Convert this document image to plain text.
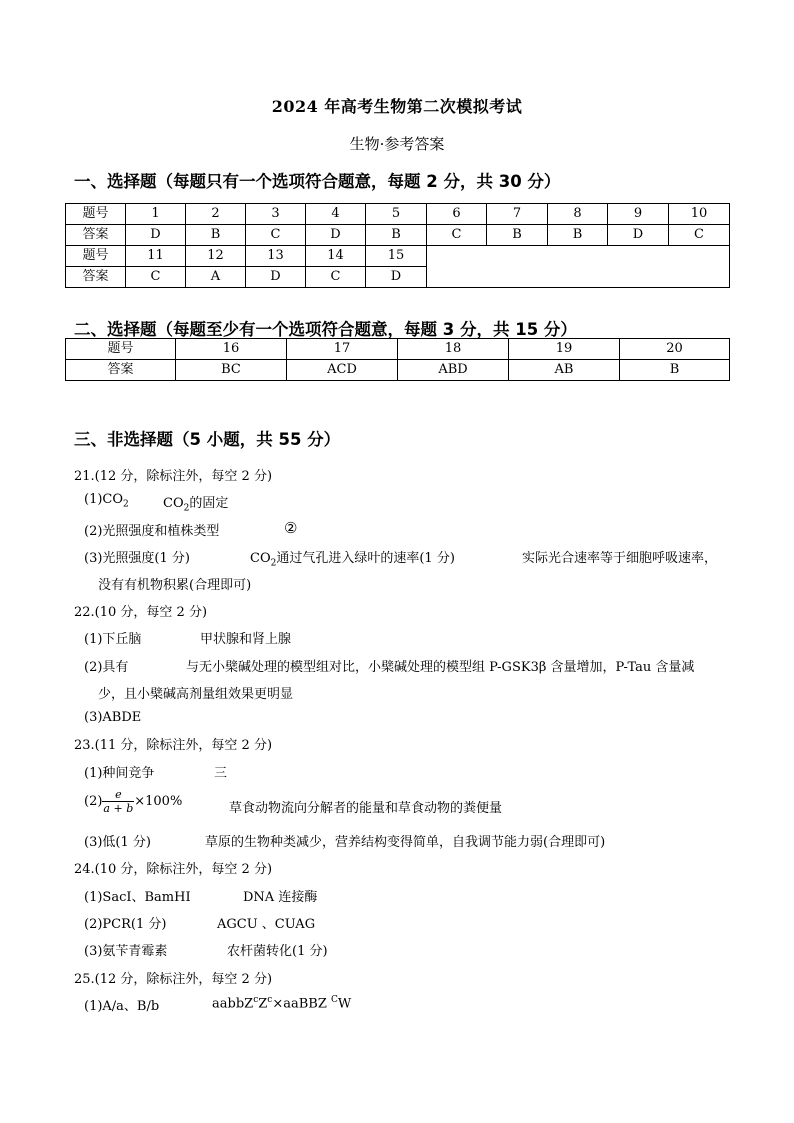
2024 年高考生物第二次模拟考试
生物·参考答案
一、选择题（每题只有一个选项符合题意，每题 2 分，共 30 分）
题号	1	2	3	4	5	6	7	8	9	10
答案	D	B	C	D	B	C	B	B	D	C
题号	11	12	13	14	15					
答案	C	A	D	C	D					
二、选择题（每题至少有一个选项符合题意，每题 3 分，共 15 分）
题号	16	17	18	19	20
答案	BC	ACD	ABD	AB	B
三、非选择题（5 小题，共 55 分）
21.(12 分，除标注外，每空 2 分)
$(1)CO_2$	$CO_2$的固定
(2)光照强度和植株类型	②
(3)光照强度(1 分)	$CO_2$通过气孔进入绿叶的速率(1 分)	实际光合速率等于细胞呼吸速率，
没有有机物积累(合理即可)
22.(10 分，每空 2 分)
(1)下丘脑	甲状腺和肾上腺
(2)具有	与无小檗碱处理的模型组对比，小檗碱处理的模型组 P-GSK3β 含量增加，P-Tau 含量减
少，且小檗碱高剂量组效果更明显
(3)ABDE
23.(11 分，除标注外，每空 2 分)
(1)种间竞争	三
$(2) \frac{e}{a + b} \times 100\%$	草食动物流向分解者的能量和草食动物的粪便量
(3)低(1 分)	草原的生物种类减少，营养结构变得简单，自我调节能力弱(合理即可)
24.(10 分，除标注外，每空 2 分)
(1)SacI、BamHI	DNA 连接酶
(2)PCR(1 分)	AGCU 、CUAG
(3)氨苄青霉素	农杆菌转化(1 分)
25.(12 分，除标注外，每空 2 分)
(1)A/a、B/b	$aabbZ^cZ^c\times aaBBZ$ $^C$W
